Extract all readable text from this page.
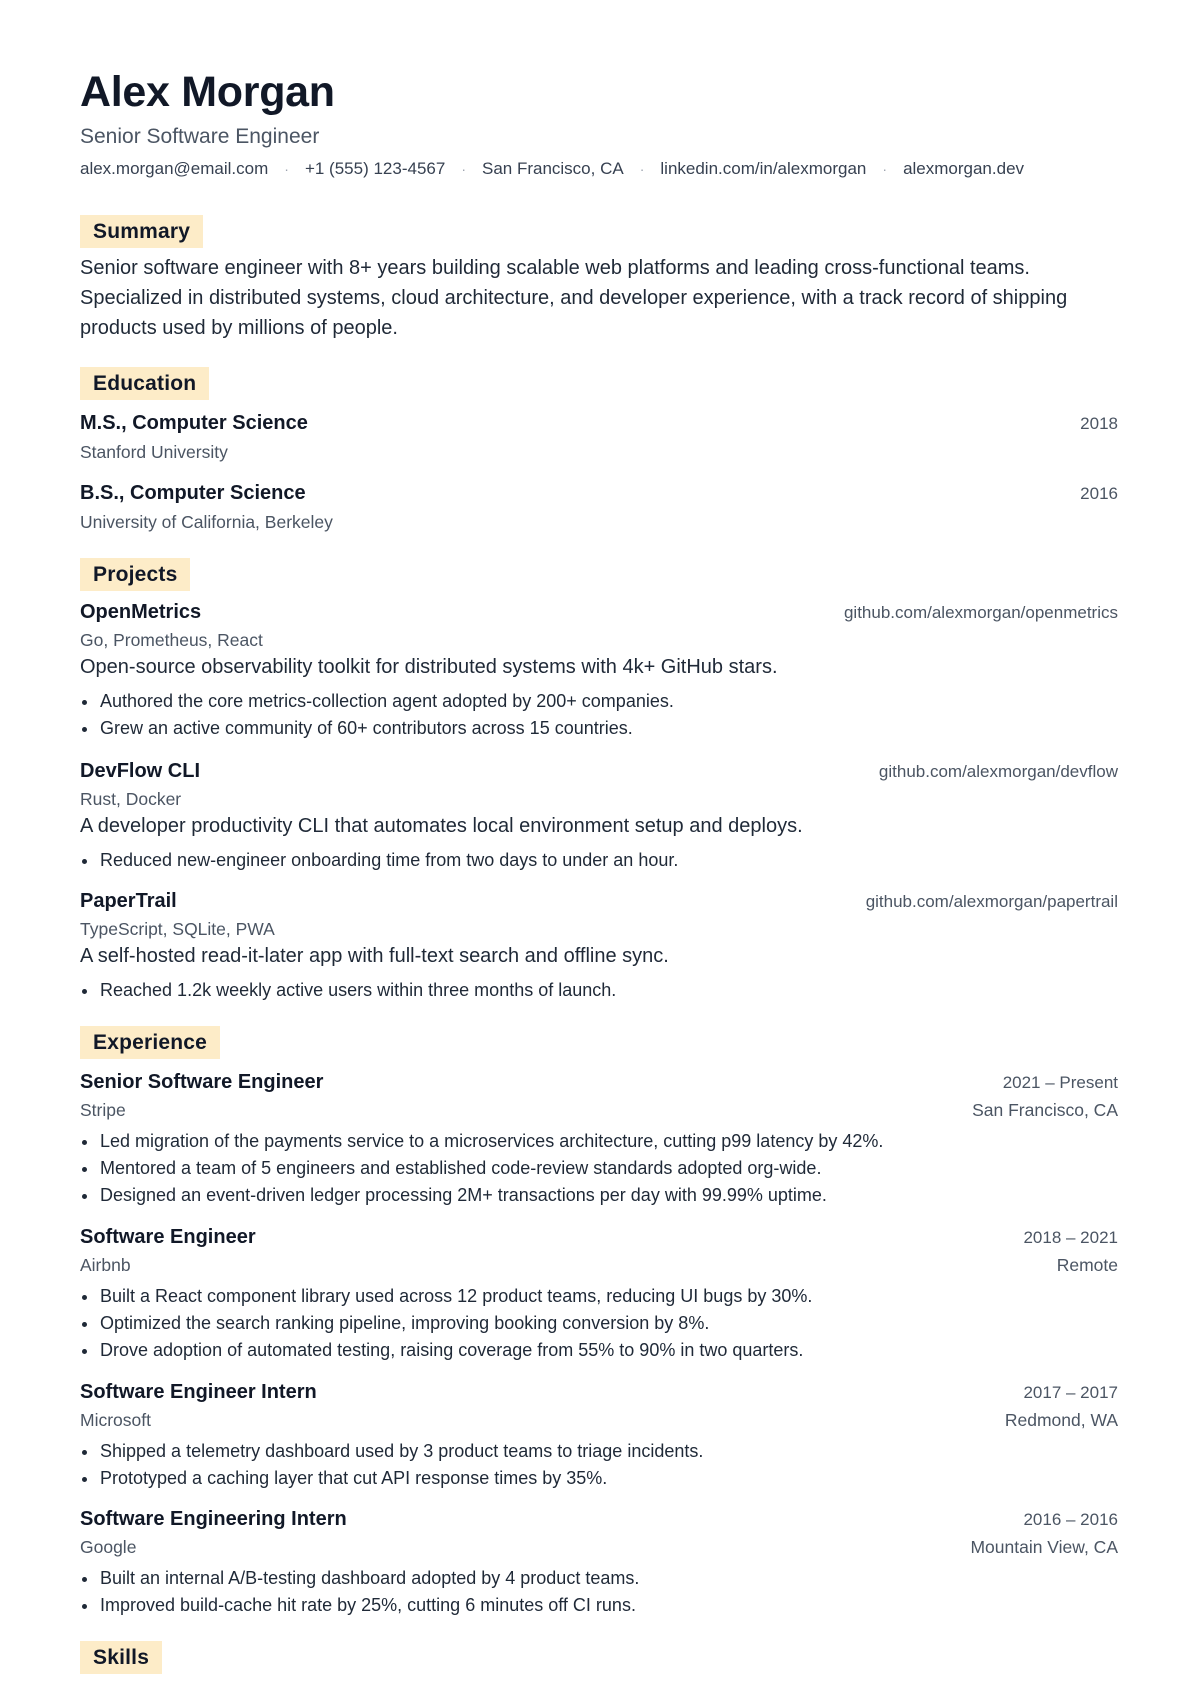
Alex Morgan
Senior Software Engineer
alex.morgan@email.com · +1 (555) 123-4567 · San Francisco, CA · linkedin.com/in/alexmorgan · alexmorgan.dev
Summary
Senior software engineer with 8+ years building scalable web platforms and leading cross-functional teams. Specialized in distributed systems, cloud architecture, and developer experience, with a track record of shipping products used by millions of people.
Education
M.S., Computer Science	2018
Stanford University
B.S., Computer Science	2016
University of California, Berkeley
Projects
OpenMetrics	github.com/alexmorgan/openmetrics
Go, Prometheus, React
Open-source observability toolkit for distributed systems with 4k+ GitHub stars.
Authored the core metrics-collection agent adopted by 200+ companies.
Grew an active community of 60+ contributors across 15 countries.
DevFlow CLI	github.com/alexmorgan/devflow
Rust, Docker
A developer productivity CLI that automates local environment setup and deploys.
Reduced new-engineer onboarding time from two days to under an hour.
PaperTrail	github.com/alexmorgan/papertrail
TypeScript, SQLite, PWA
A self-hosted read-it-later app with full-text search and offline sync.
Reached 1.2k weekly active users within three months of launch.
Experience
Senior Software Engineer	2021 – Present
Stripe	San Francisco, CA
Led migration of the payments service to a microservices architecture, cutting p99 latency by 42%.
Mentored a team of 5 engineers and established code-review standards adopted org-wide.
Designed an event-driven ledger processing 2M+ transactions per day with 99.99% uptime.
Software Engineer	2018 – 2021
Airbnb	Remote
Built a React component library used across 12 product teams, reducing UI bugs by 30%.
Optimized the search ranking pipeline, improving booking conversion by 8%.
Drove adoption of automated testing, raising coverage from 55% to 90% in two quarters.
Software Engineer Intern	2017 – 2017
Microsoft	Redmond, WA
Shipped a telemetry dashboard used by 3 product teams to triage incidents.
Prototyped a caching layer that cut API response times by 35%.
Software Engineering Intern	2016 – 2016
Google	Mountain View, CA
Built an internal A/B-testing dashboard adopted by 4 product teams.
Improved build-cache hit rate by 25%, cutting 6 minutes off CI runs.
Skills
